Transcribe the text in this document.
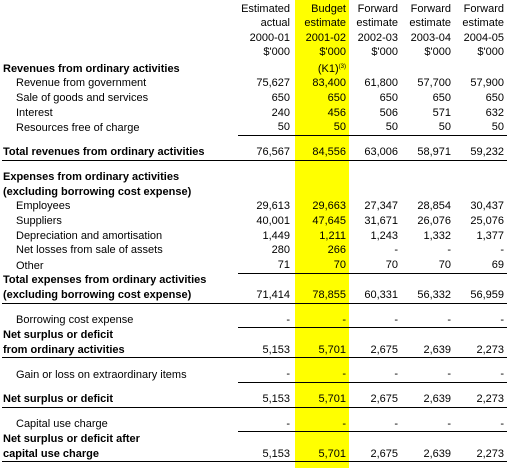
	Estimated	Budget	Forward	Forward	Forward
	actual	estimate	estimate	estimate	estimate
	2000-01	2001-02	2002-03	2003-04	2004-05
	$'000	$'000	$'000	$'000	$'000
Revenues from ordinary activities		$(K1)^{(3)}$			
Revenue from government	75,627	83,400	61,800	57,700	57,900
Sale of goods and services	650	650	650	650	650
Interest	240	456	506	571	632
Resources free of charge	50	50	50	50	50

Total revenues from ordinary activities	76,567	84,556	63,006	58,971	59,232

Expenses from ordinary activities					
(excluding borrowing cost expense)					
Employees	29,613	29,663	27,347	28,854	30,437
Suppliers	40,001	47,645	31,671	26,076	25,076
Depreciation and amortisation	1,449	1,211	1,243	1,332	1,377
Net losses from sale of assets	280	266	-	-	-
Other	71	70	70	70	69
Total expenses from ordinary activities					
(excluding borrowing cost expense)	71,414	78,855	60,331	56,332	56,959

Borrowing cost expense	-	-	-	-	-
Net surplus or deficit					
from ordinary activities	5,153	5,701	2,675	2,639	2,273

Gain or loss on extraordinary items	-	-	-	-	-

Net surplus or deficit	5,153	5,701	2,675	2,639	2,273

Capital use charge	-	-	-	-	-
Net surplus or deficit after					
capital use charge	5,153	5,701	2,675	2,639	2,273
